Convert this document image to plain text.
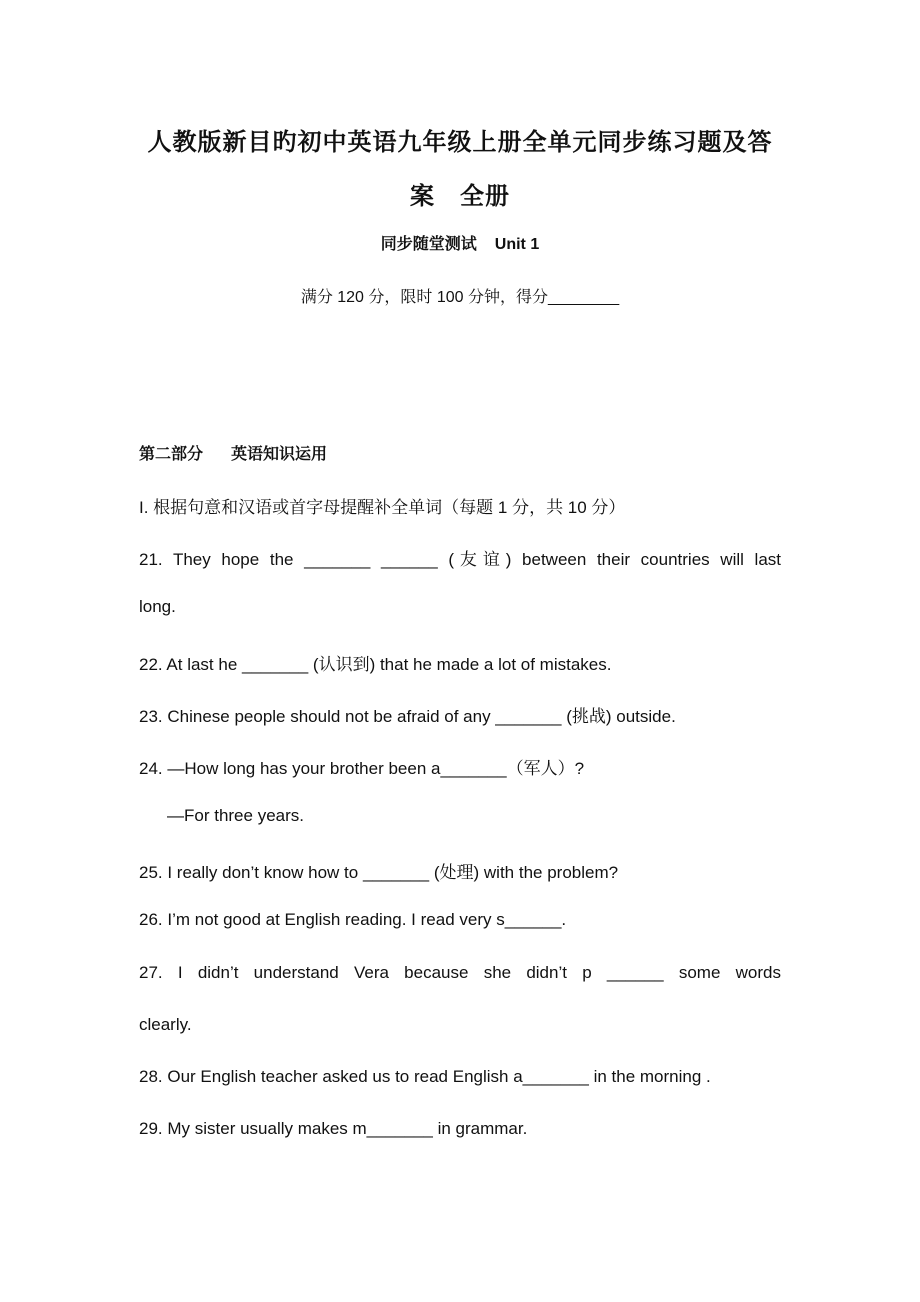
人教版新目旳初中英语九年级上册全单元同步练习题及答
案　全册
同步随堂测试 Unit 1
满分 120 分，限时 100 分钟，得分________
第二部分 英语知识运用
I. 根据句意和汉语或首字母提醒补全单词（每题 1 分，共 10 分）
21. They hope the _______ ______ (友谊) between their countries will last
long.
22. At last he _______ (认识到) that he made a lot of mistakes.
23. Chinese people should not be afraid of any _______ (挑战) outside.
24. —How long has your brother been a_______（军人）?
—For three years.
25. I really don’t know how to _______ (处理) with the problem?
26. I’m not good at English reading. I read very s______.
27. I didn’t understand Vera because she didn’t p ______ some words
clearly.
28. Our English teacher asked us to read English a_______ in the morning .
29. My sister usually makes m_______ in grammar.
